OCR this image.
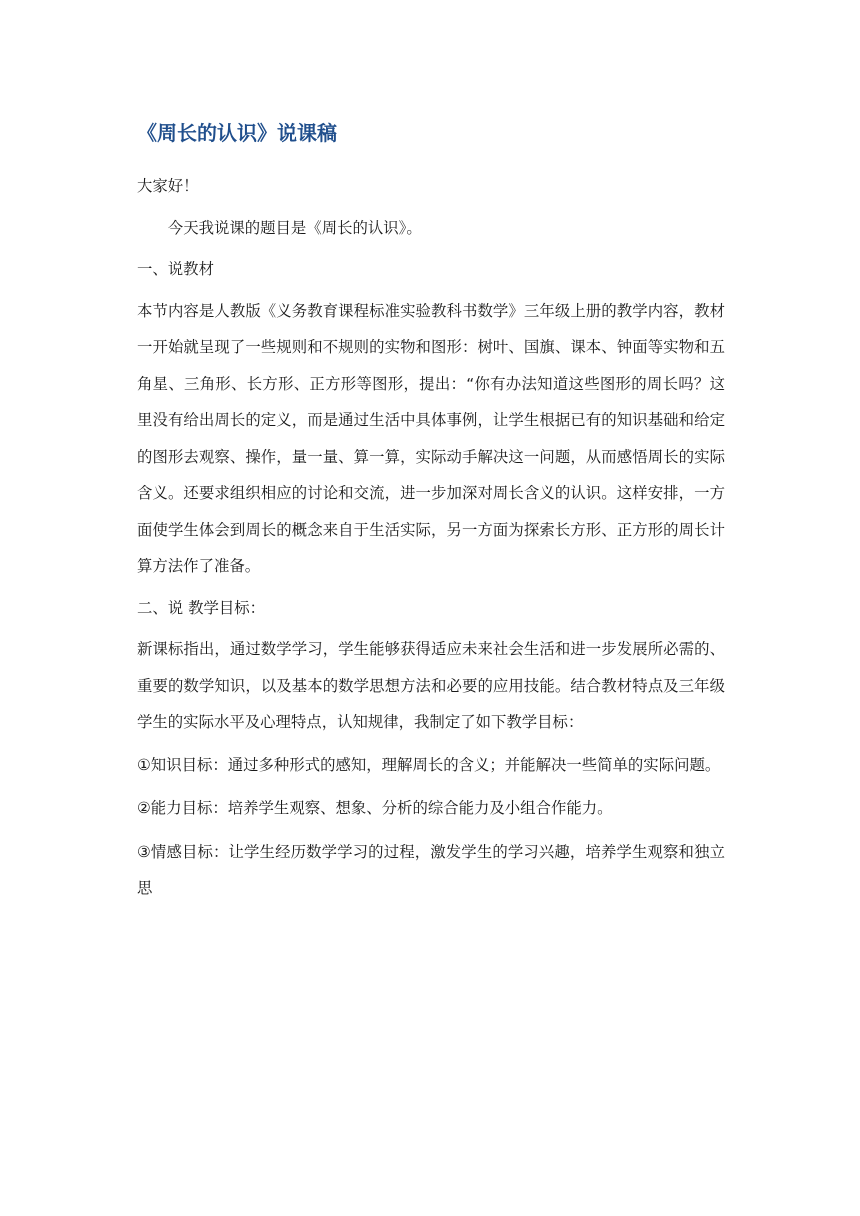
《周长的认识》说课稿

大家好！

今天我说课的题目是《周长的认识》。

一、说教材

本节内容是人教版《义务教育课程标准实验教科书数学》三年级上册的教学内容，教材一开始就呈现了一些规则和不规则的实物和图形：树叶、国旗、课本、钟面等实物和五角星、三角形、长方形、正方形等图形，提出：“你有办法知道这些图形的周长吗？这里没有给出周长的定义，而是通过生活中具体事例，让学生根据已有的知识基础和给定的图形去观察、操作，量一量、算一算，实际动手解决这一问题，从而感悟周长的实际含义。还要求组织相应的讨论和交流，进一步加深对周长含义的认识。这样安排，一方面使学生体会到周长的概念来自于生活实际，另一方面为探索长方形、正方形的周长计算方法作了准备。

二、说 教学目标：

新课标指出，通过数学学习，学生能够获得适应未来社会生活和进一步发展所必需的、重要的数学知识，以及基本的数学思想方法和必要的应用技能。结合教材特点及三年级学生的实际水平及心理特点，认知规律，我制定了如下教学目标：

①知识目标：通过多种形式的感知，理解周长的含义；并能解决一些简单的实际问题。

②能力目标：培养学生观察、想象、分析的综合能力及小组合作能力。

③情感目标：让学生经历数学学习的过程，激发学生的学习兴趣，培养学生观察和独立思
